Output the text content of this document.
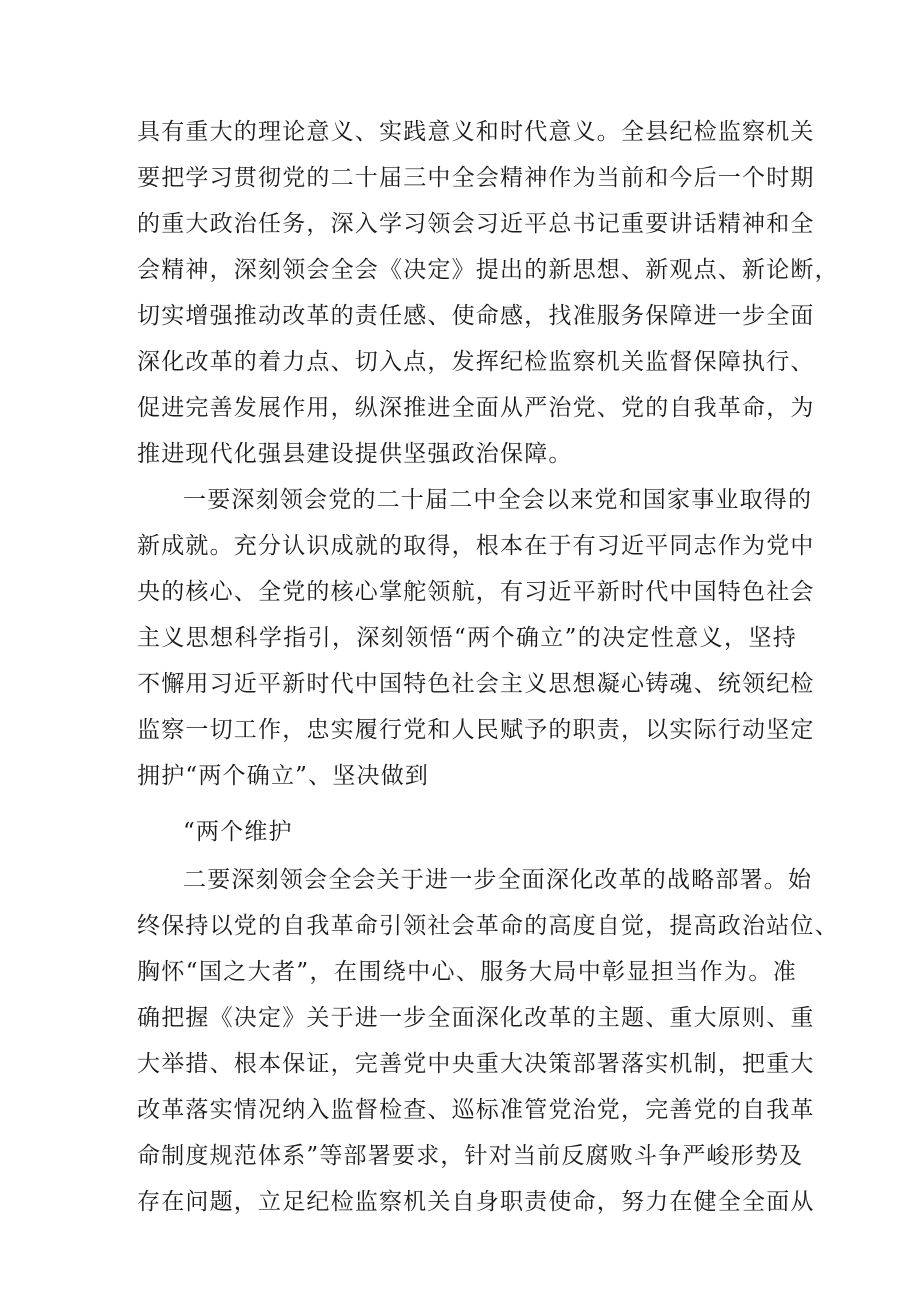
具有重大的理论意义、实践意义和时代意义。全县纪检监察机关
要把学习贯彻党的二十届三中全会精神作为当前和今后一个时期
的重大政治任务，深入学习领会习近平总书记重要讲话精神和全
会精神，深刻领会全会《决定》提出的新思想、新观点、新论断，
切实增强推动改革的责任感、使命感，找准服务保障进一步全面
深化改革的着力点、切入点，发挥纪检监察机关监督保障执行、
促进完善发展作用，纵深推进全面从严治党、党的自我革命，为
推进现代化强县建设提供坚强政治保障。
一要深刻领会党的二十届二中全会以来党和国家事业取得的
新成就。充分认识成就的取得，根本在于有习近平同志作为党中
央的核心、全党的核心掌舵领航，有习近平新时代中国特色社会
主义思想科学指引，深刻领悟“两个确立”的决定性意义，坚持
不懈用习近平新时代中国特色社会主义思想凝心铸魂、统领纪检
监察一切工作，忠实履行党和人民赋予的职责，以实际行动坚定
拥护“两个确立”、坚决做到
“两个维护
二要深刻领会全会关于进一步全面深化改革的战略部署。始
终保持以党的自我革命引领社会革命的高度自觉，提高政治站位、
胸怀“国之大者”，在围绕中心、服务大局中彰显担当作为。准
确把握《决定》关于进一步全面深化改革的主题、重大原则、重
大举措、根本保证，完善党中央重大决策部署落实机制，把重大
改革落实情况纳入监督检查、巡标准管党治党，完善党的自我革
命制度规范体系”等部署要求，针对当前反腐败斗争严峻形势及
存在问题，立足纪检监察机关自身职责使命，努力在健全全面从
